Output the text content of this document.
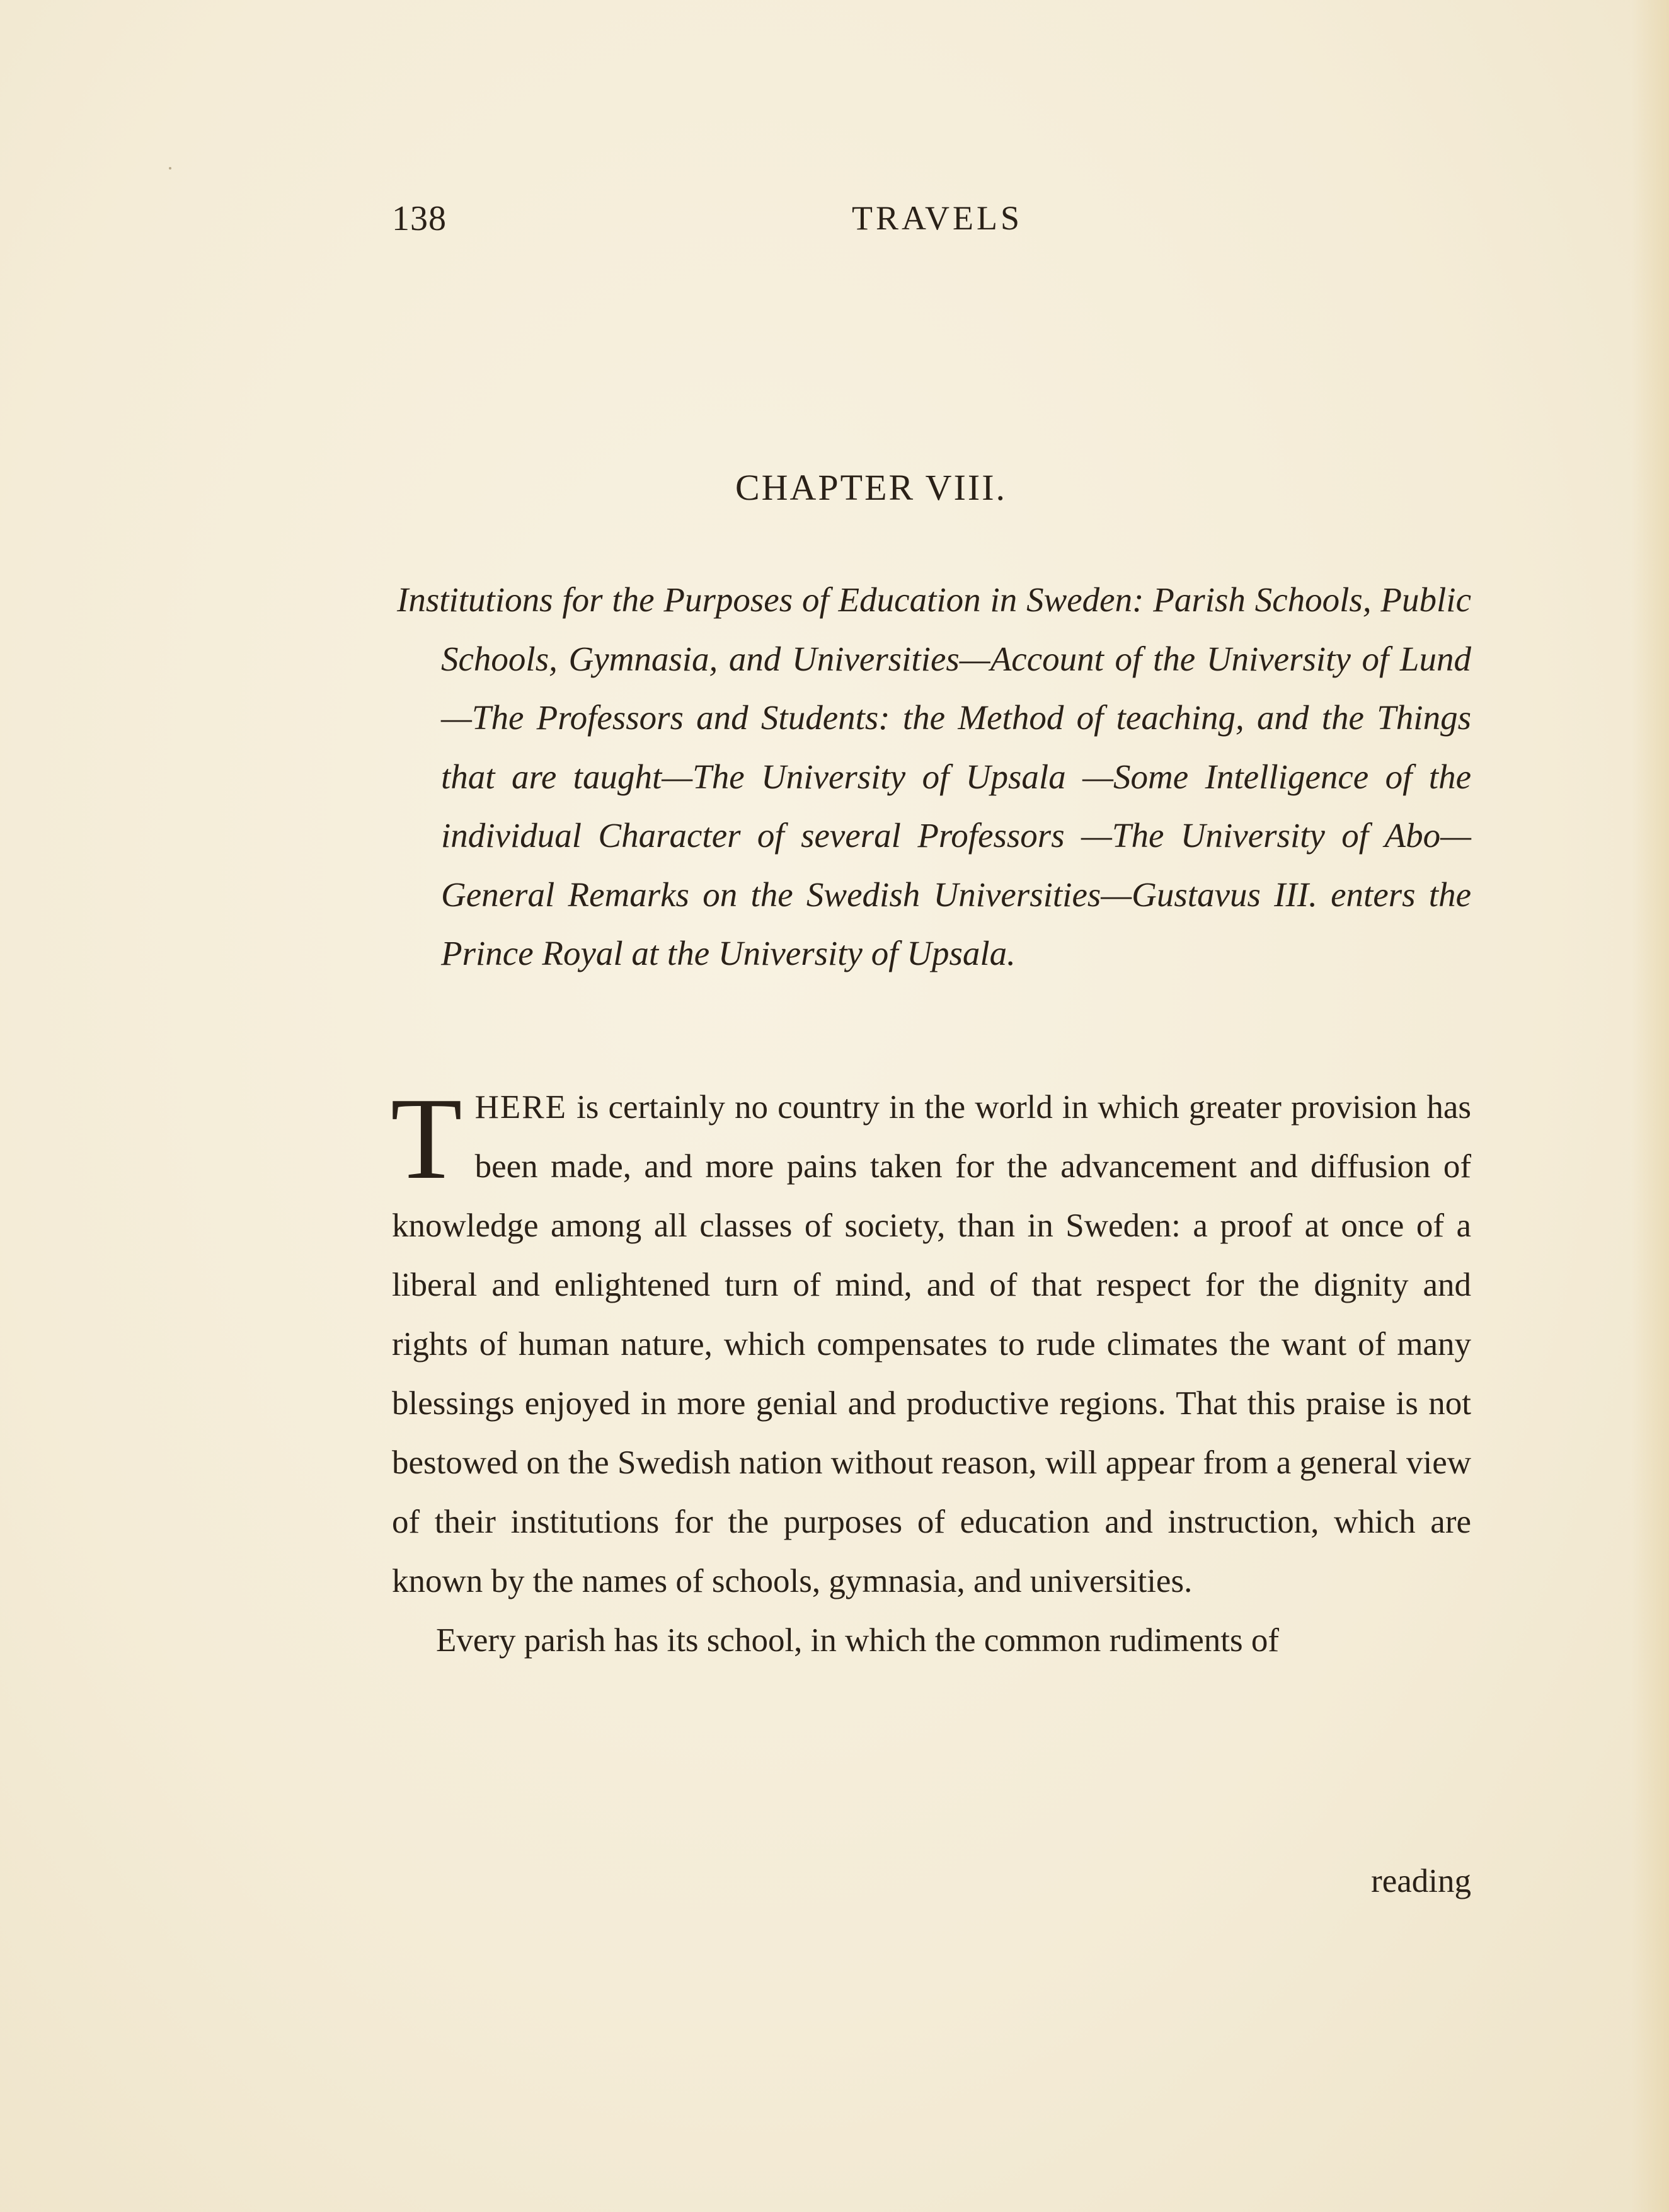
138	TRAVELS
CHAPTER VIII.

Institutions for the Purposes of Education in Sweden: Parish Schools, Public Schools, Gymnasia, and Universities—Account of the University of Lund—The Professors and Students: the Method of teaching, and the Things that are taught—The University of Upsala —Some Intelligence of the individual Character of several Professors —The University of Abo—General Remarks on the Swedish Universities—Gustavus III. enters the Prince Royal at the University of Upsala.

THERE is certainly no country in the world in which greater provision has been made, and more pains taken for the advancement and diffusion of knowledge among all classes of society, than in Sweden: a proof at once of a liberal and enlightened turn of mind, and of that respect for the dignity and rights of human nature, which compensates to rude climates the want of many blessings enjoyed in more genial and productive regions. That this praise is not bestowed on the Swedish nation without reason, will appear from a general view of their institutions for the purposes of education and instruction, which are known by the names of schools, gymnasia, and universities.

Every parish has its school, in which the common rudiments of

reading
